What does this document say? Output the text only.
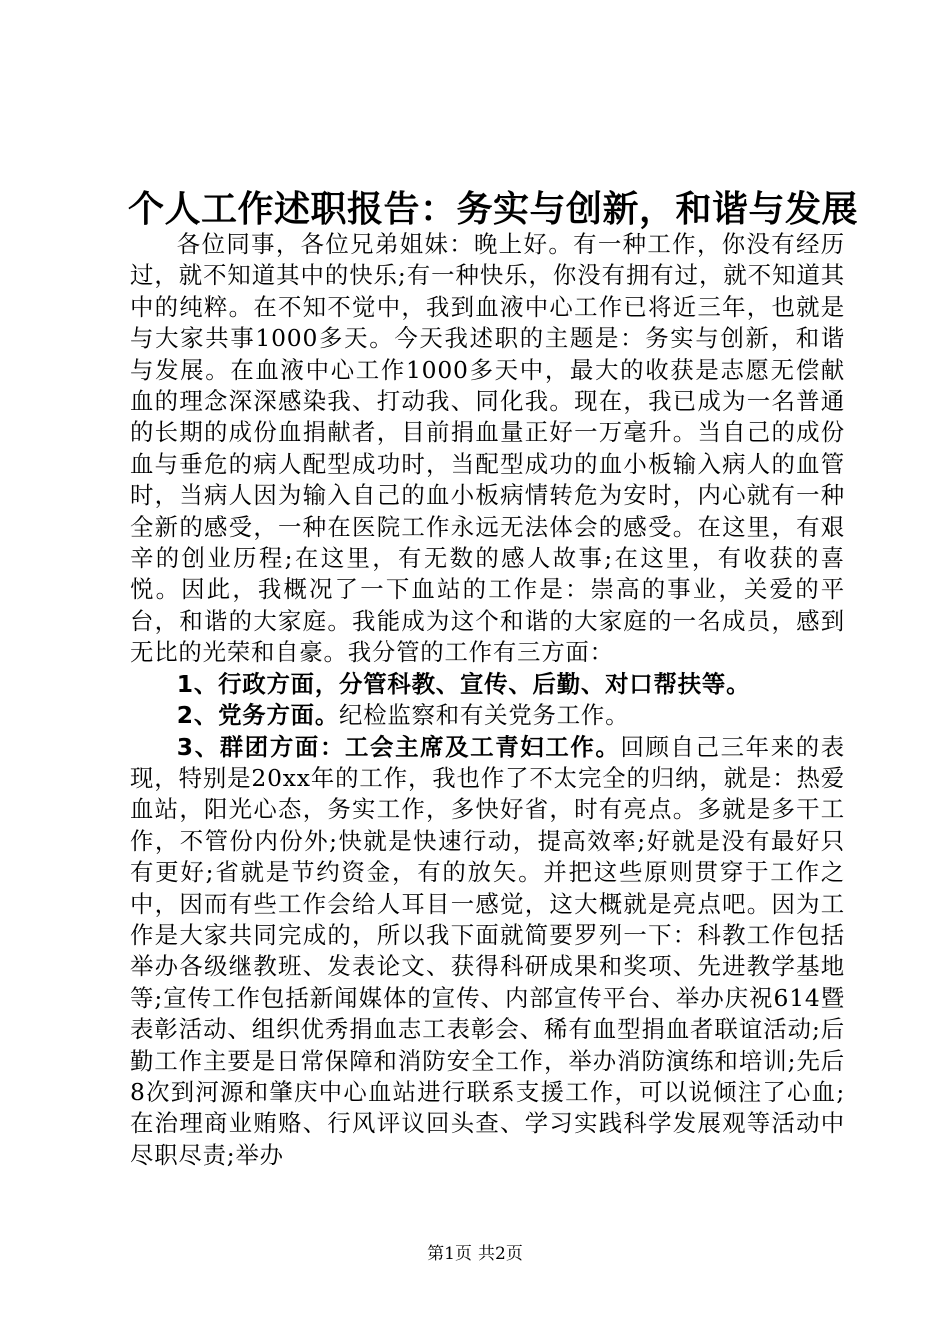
个人工作述职报告：务实与创新，和谐与发展

各位同事，各位兄弟姐妹：晚上好。有一种工作，你没有经历过，就不知道其中的快乐;有一种快乐，你没有拥有过，就不知道其中的纯粹。在不知不觉中，我到血液中心工作已将近三年，也就是与大家共事1000多天。今天我述职的主题是：务实与创新，和谐与发展。在血液中心工作1000多天中，最大的收获是志愿无偿献血的理念深深感染我、打动我、同化我。现在，我已成为一名普通的长期的成份血捐献者，目前捐血量正好一万毫升。当自己的成份血与垂危的病人配型成功时，当配型成功的血小板输入病人的血管时，当病人因为输入自己的血小板病情转危为安时，内心就有一种全新的感受，一种在医院工作永远无法体会的感受。在这里，有艰辛的创业历程;在这里，有无数的感人故事;在这里，有收获的喜悦。因此，我概况了一下血站的工作是：崇高的事业，关爱的平台，和谐的大家庭。我能成为这个和谐的大家庭的一名成员，感到无比的光荣和自豪。我分管的工作有三方面：

1、行政方面，分管科教、宣传、后勤、对口帮扶等。

2、党务方面。纪检监察和有关党务工作。

3、群团方面：工会主席及工青妇工作。回顾自己三年来的表现，特别是20xx年的工作，我也作了不太完全的归纳，就是：热爱血站，阳光心态，务实工作，多快好省，时有亮点。多就是多干工作，不管份内份外;快就是快速行动，提高效率;好就是没有最好只有更好;省就是节约资金，有的放矢。并把这些原则贯穿于工作之中，因而有些工作会给人耳目一感觉，这大概就是亮点吧。因为工作是大家共同完成的，所以我下面就简要罗列一下：科教工作包括举办各级继教班、发表论文、获得科研成果和奖项、先进教学基地等;宣传工作包括新闻媒体的宣传、内部宣传平台、举办庆祝614暨表彰活动、组织优秀捐血志工表彰会、稀有血型捐血者联谊活动;后勤工作主要是日常保障和消防安全工作，举办消防演练和培训;先后8次到河源和肇庆中心血站进行联系支援工作，可以说倾注了心血;在治理商业贿赂、行风评议回头查、学习实践科学发展观等活动中尽职尽责;举办

第1页 共2页
